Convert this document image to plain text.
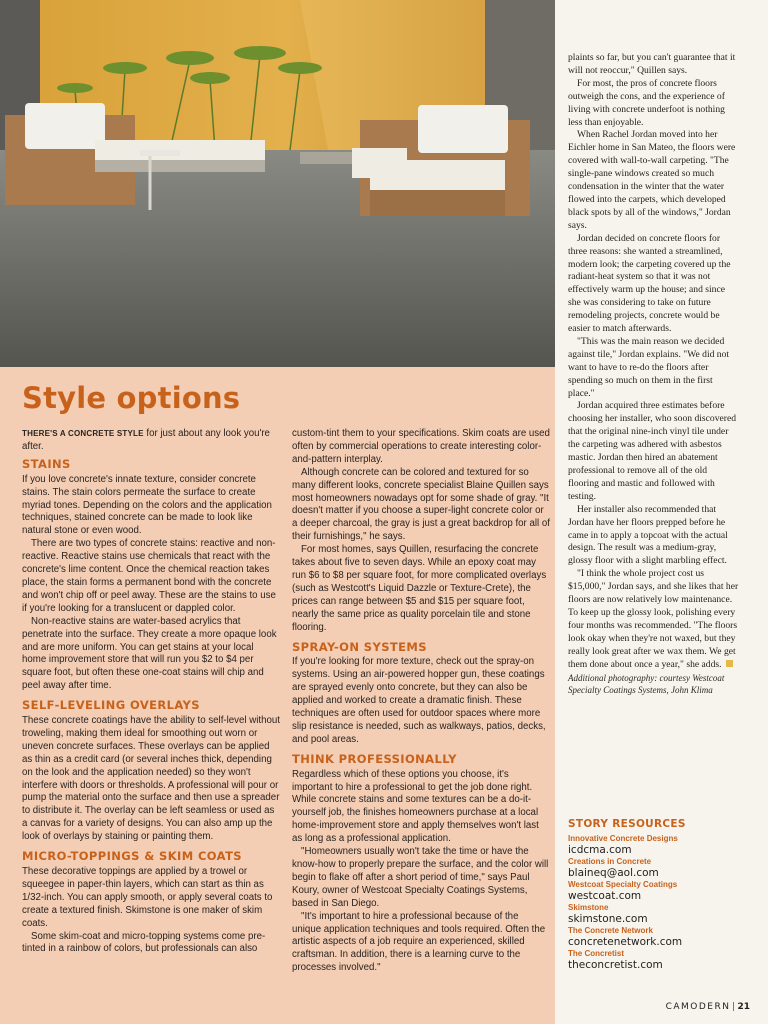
Style options

THERE'S A CONCRETE STYLE for just about any look you're after.

STAINS

If you love concrete's innate texture, consider concrete stains. The stain colors permeate the surface to create myriad tones. Depending on the colors and the application techniques, stained concrete can be made to look like natural stone or even wood.

There are two types of concrete stains: reactive and non-reactive. Reactive stains use chemicals that react with the concrete's lime content. Once the chemical reaction takes place, the stain forms a permanent bond with the concrete and won't chip off or peel away. These are the stains to use if you're looking for a translucent or dappled color.

Non-reactive stains are water-based acrylics that penetrate into the surface. They create a more opaque look and are more uniform. You can get stains at your local home improvement store that will run you $2 to $4 per square foot, but often these one-coat stains will chip and peel away after time.

SELF-LEVELING OVERLAYS

These concrete coatings have the ability to self-level without troweling, making them ideal for smoothing out worn or uneven concrete surfaces. These overlays can be applied as thin as a credit card (or several inches thick, depending on the look and the application needed) so they won't interfere with doors or thresholds. A professional will pour or pump the material onto the surface and then use a spreader to distribute it. The overlay can be left seamless or used as a canvas for a variety of designs. You can also amp up the look of overlays by staining or painting them.

MICRO-TOPPINGS & SKIM COATS

These decorative toppings are applied by a trowel or squeegee in paper-thin layers, which can start as thin as 1/32-inch. You can apply smooth, or apply several coats to create a textured finish. Skimstone is one maker of skim coats.

Some skim-coat and micro-topping systems come pre-tinted in a rainbow of colors, but professionals can also

custom-tint them to your specifications. Skim coats are used often by commercial operations to create interesting color-and-pattern interplay.

Although concrete can be colored and textured for so many different looks, concrete specialist Blaine Quillen says most homeowners nowadays opt for some shade of gray. "It doesn't matter if you choose a super-light concrete color or a deeper charcoal, the gray is just a great backdrop for all of their furnishings," he says.

For most homes, says Quillen, resurfacing the concrete takes about five to seven days. While an epoxy coat may run $6 to $8 per square foot, for more complicated overlays (such as Westcott's Liquid Dazzle or Texture-Crete), the prices can range between $5 and $15 per square foot, nearly the same price as quality porcelain tile and stone flooring.

SPRAY-ON SYSTEMS

If you're looking for more texture, check out the spray-on systems. Using an air-powered hopper gun, these coatings are sprayed evenly onto concrete, but they can also be applied and worked to create a dramatic finish. These techniques are often used for outdoor spaces where more slip resistance is needed, such as walkways, patios, decks, and pool areas.

THINK PROFESSIONALLY

Regardless which of these options you choose, it's important to hire a professional to get the job done right. While concrete stains and some textures can be a do-it-yourself job, the finishes homeowners purchase at a local home-improvement store and apply themselves won't last as long as a professional application.

"Homeowners usually won't take the time or have the know-how to properly prepare the surface, and the color will begin to flake off after a short period of time," says Paul Koury, owner of Westcoat Specialty Coatings Systems, based in San Diego.

"It's important to hire a professional because of the unique application techniques and tools required. Often the artistic aspects of a job require an experienced, skilled craftsman. In addition, there is a learning curve to the processes involved."

plaints so far, but you can't guarantee that it will not reoccur," Quillen says.

For most, the pros of concrete floors outweigh the cons, and the experience of living with concrete underfoot is nothing less than enjoyable.

When Rachel Jordan moved into her Eichler home in San Mateo, the floors were covered with wall-to-wall carpeting. "The single-pane windows created so much condensation in the winter that the water flowed into the carpets, which developed black spots by all of the windows," Jordan says.

Jordan decided on concrete floors for three reasons: she wanted a streamlined, modern look; the carpeting covered up the radiant-heat system so that it was not effectively warm up the house; and since she was considering to take on future remodeling projects, concrete would be easier to match afterwards.

"This was the main reason we decided against tile," Jordan explains. "We did not want to have to re-do the floors after spending so much on them in the first place."

Jordan acquired three estimates before choosing her installer, who soon discovered that the original nine-inch vinyl tile under the carpeting was adhered with asbestos mastic. Jordan then hired an abatement professional to remove all of the old flooring and mastic and followed with testing.

Her installer also recommended that Jordan have her floors prepped before he came in to apply a topcoat with the actual design. The result was a medium-gray, glossy floor with a slight marbling effect.

"I think the whole project cost us $15,000," Jordan says, and she likes that her floors are now relatively low maintenance. To keep up the glossy look, polishing every four months was recommended. "The floors look okay when they're not waxed, but they really look great after we wax them. We get them done about once a year," she adds.

Additional photography: courtesy Westcoat Specialty Coatings Systems, John Klima

STORY RESOURCES
Innovative Concrete Designs
icdcma.com
Creations in Concrete
blaineq@aol.com
Westcoat Specialty Coatings
westcoat.com
Skimstone
skimstone.com
The Concrete Network
concretenetwork.com
The Concretist
theconcretist.com
CAMODERN 21
